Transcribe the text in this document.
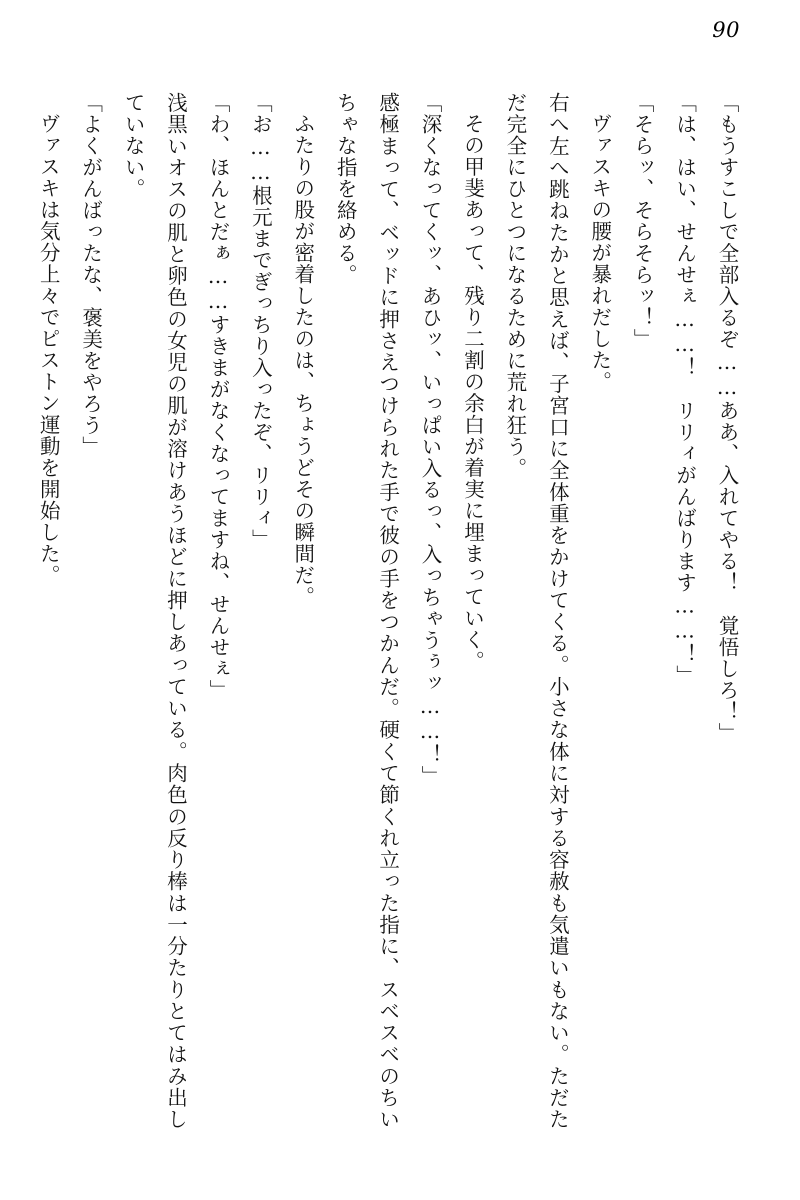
90

「もうすこしで全部入るぞ……ああ、入れてやる！　覚悟しろ！」

「は、はい、せんせぇ……！　リリィがんばります……！」

「そらッ、そらそらッ！」

ヴァスキの腰が暴れだした。

右へ左へ跳ねたかと思えば、子宮口に全体重をかけてくる。小さな体に対する容赦も気遣いもない。ただただ完全にひとつになるために荒れ狂う。

その甲斐あって、残り二割の余白が着実に埋まっていく。

「深くなってくッ、あひッ、いっぱい入るっ、入っちゃうぅッ……！」

感極まって、ベッドに押さえつけられた手で彼の手をつかんだ。硬くて節くれ立った指に、スベスベのちいちゃな指を絡める。

ふたりの股が密着したのは、ちょうどその瞬間だ。

「お……根元までぎっちり入ったぞ、リリィ」

「わ、ほんとだぁ……すきまがなくなってますね、せんせぇ」

浅黒いオスの肌と卵色の女児の肌が溶けあうほどに押しあっている。肉色の反り棒は一分たりとてはみ出していない。

「よくがんばったな、褒美をやろう」

ヴァスキは気分上々でピストン運動を開始した。
